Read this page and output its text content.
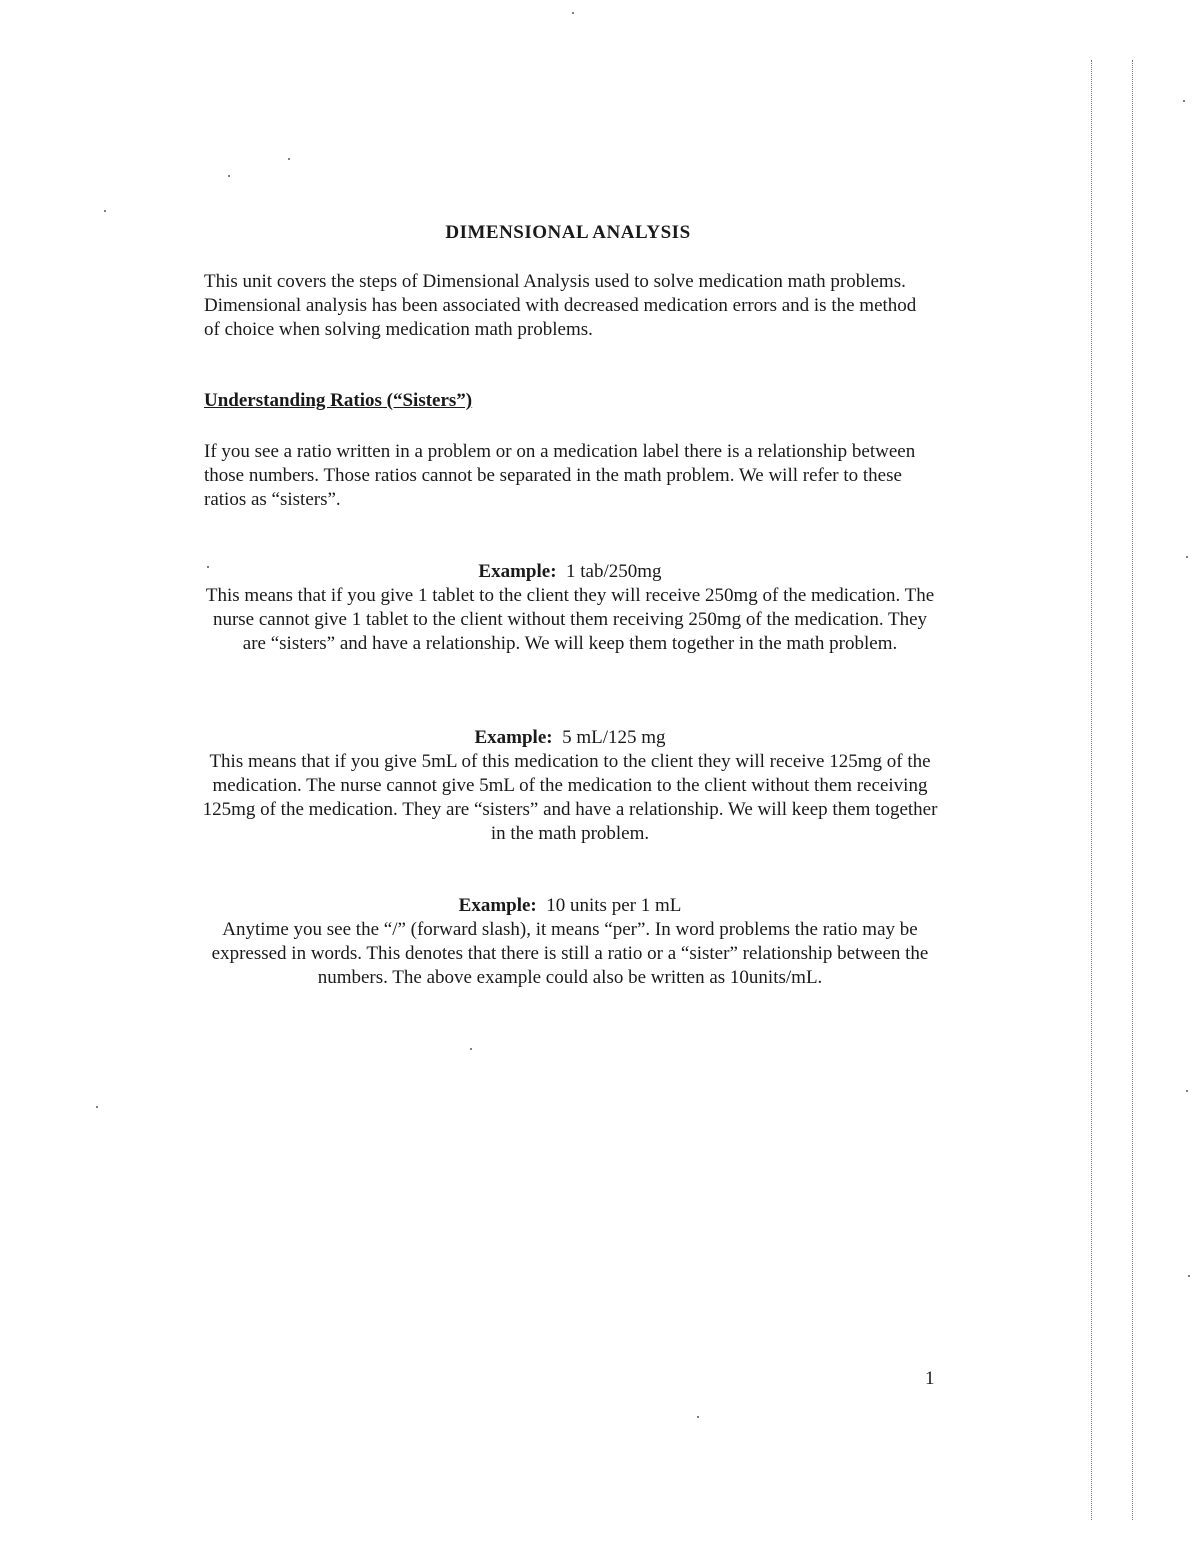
DIMENSIONAL ANALYSIS
This unit covers the steps of Dimensional Analysis used to solve medication math problems. Dimensional analysis has been associated with decreased medication errors and is the method of choice when solving medication math problems.
Understanding Ratios (“Sisters”)
If you see a ratio written in a problem or on a medication label there is a relationship between those numbers. Those ratios cannot be separated in the math problem. We will refer to these ratios as “sisters”.
Example: 1 tab/250mg
This means that if you give 1 tablet to the client they will receive 250mg of the medication. The nurse cannot give 1 tablet to the client without them receiving 250mg of the medication. They are “sisters” and have a relationship. We will keep them together in the math problem.
Example: 5 mL/125 mg
This means that if you give 5mL of this medication to the client they will receive 125mg of the medication. The nurse cannot give 5mL of the medication to the client without them receiving 125mg of the medication. They are “sisters” and have a relationship. We will keep them together in the math problem.
Example: 10 units per 1 mL
Anytime you see the “/” (forward slash), it means “per”. In word problems the ratio may be expressed in words. This denotes that there is still a ratio or a “sister” relationship between the numbers. The above example could also be written as 10units/mL.
1
